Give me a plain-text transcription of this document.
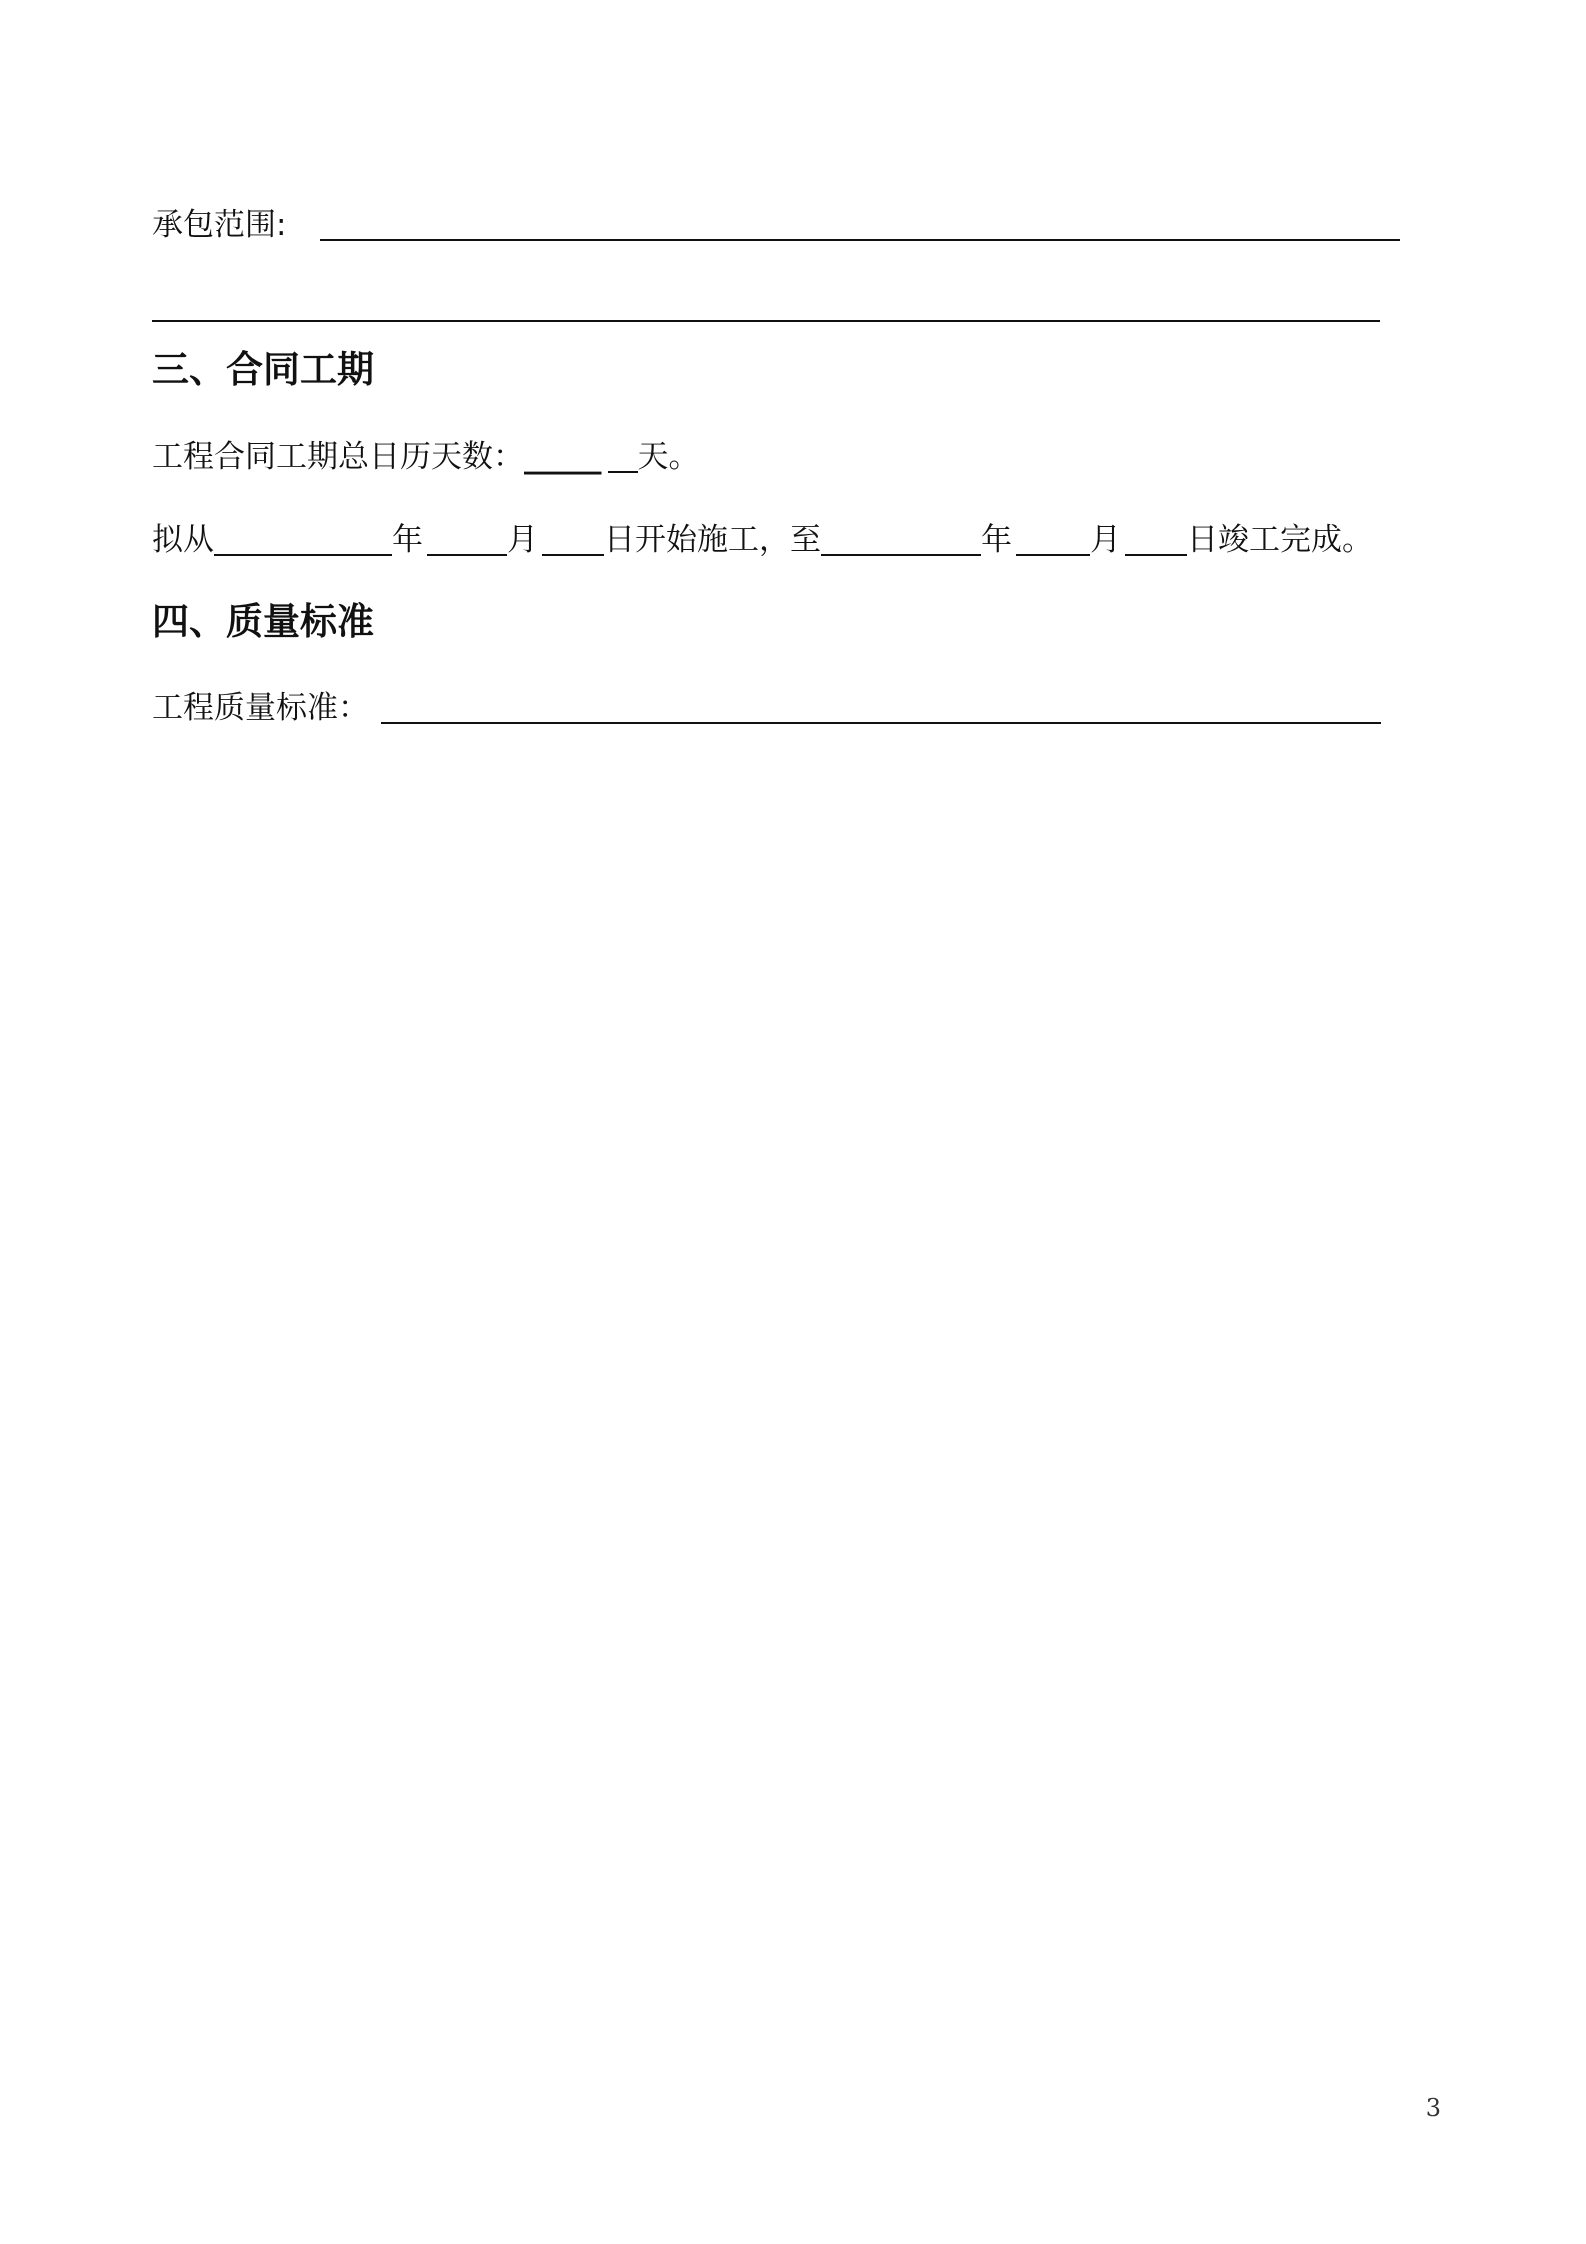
承包范围:
三、合同工期
工程合同工期总日历天数： _____ 天。
拟从	年	月 日开始施工，至	年	月 日竣工完成。
四、质量标准
工程质量标准：
3
